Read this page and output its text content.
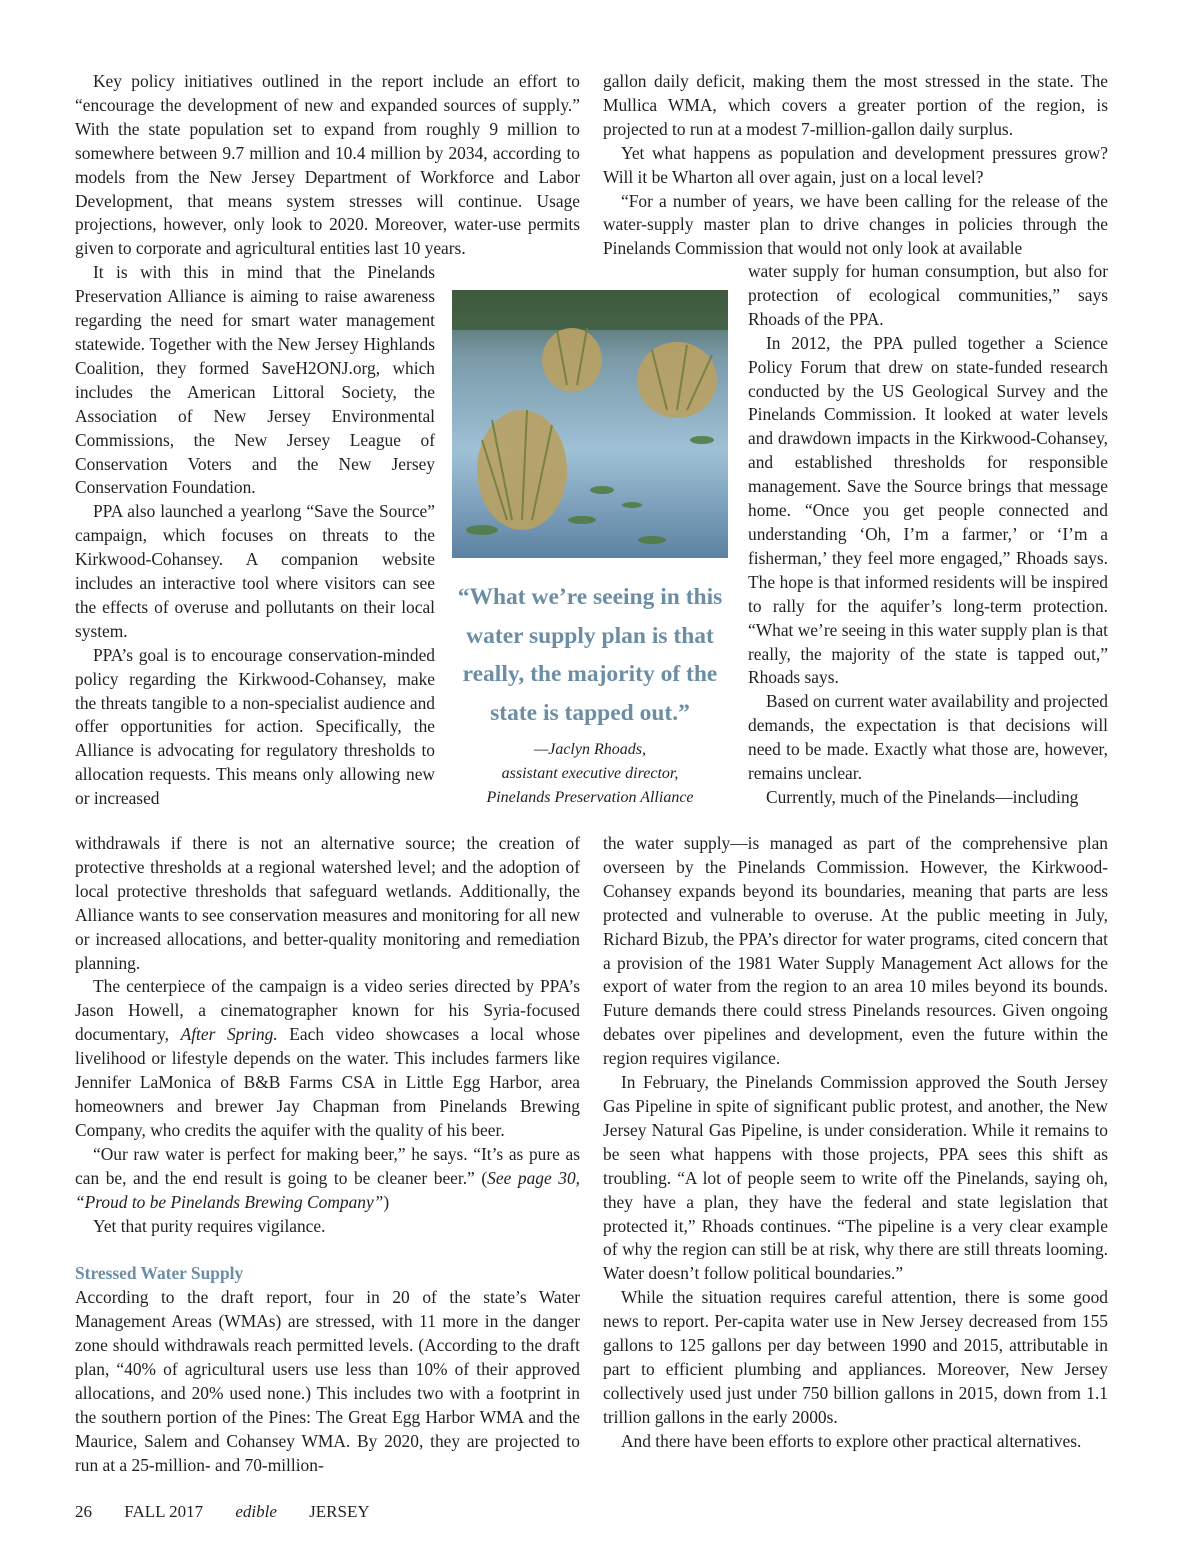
Key policy initiatives outlined in the report include an effort to “encourage the development of new and expanded sources of supply.” With the state population set to expand from roughly 9 million to somewhere between 9.7 million and 10.4 million by 2034, according to models from the New Jersey Department of Workforce and Labor Development, that means system stresses will continue. Usage projections, however, only look to 2020. Moreover, water-use permits given to corporate and agricultural entities last 10 years.

It is with this in mind that the Pinelands Preservation Alliance is aiming to raise awareness regarding the need for smart water management statewide. Together with the New Jersey Highlands Coalition, they formed SaveH2ONJ.org, which includes the American Littoral Society, the Association of New Jersey Environmental Commissions, the New Jersey League of Conservation Voters and the New Jersey Conservation Foundation.

PPA also launched a yearlong “Save the Source” campaign, which focuses on threats to the Kirkwood-Cohansey. A companion website includes an interactive tool where visitors can see the effects of overuse and pollutants on their local system.

PPA’s goal is to encourage conservation-minded policy regarding the Kirkwood-Cohansey, make the threats tangible to a non-specialist audience and offer opportunities for action. Specifically, the Alliance is advocating for regulatory thresholds to allocation requests. This means only allowing new or increased

withdrawals if there is not an alternative source; the creation of protective thresholds at a regional watershed level; and the adoption of local protective thresholds that safeguard wetlands. Additionally, the Alliance wants to see conservation measures and monitoring for all new or increased allocations, and better-quality monitoring and remediation planning.

The centerpiece of the campaign is a video series directed by PPA’s Jason Howell, a cinematographer known for his Syria-focused documentary, After Spring. Each video showcases a local whose livelihood or lifestyle depends on the water. This includes farmers like Jennifer LaMonica of B&B Farms CSA in Little Egg Harbor, area homeowners and brewer Jay Chapman from Pinelands Brewing Company, who credits the aquifer with the quality of his beer.

“Our raw water is perfect for making beer,” he says. “It’s as pure as can be, and the end result is going to be cleaner beer.” (See page 30, “Proud to be Pinelands Brewing Company”)

Yet that purity requires vigilance.

Stressed Water Supply

According to the draft report, four in 20 of the state’s Water Management Areas (WMAs) are stressed, with 11 more in the danger zone should withdrawals reach permitted levels. (According to the draft plan, “40% of agricultural users use less than 10% of their approved allocations, and 20% used none.) This includes two with a footprint in the southern portion of the Pines: The Great Egg Harbor WMA and the Maurice, Salem and Cohansey WMA. By 2020, they are projected to run at a 25-million- and 70-million-

gallon daily deficit, making them the most stressed in the state. The Mullica WMA, which covers a greater portion of the region, is projected to run at a modest 7-million-gallon daily surplus.

Yet what happens as population and development pressures grow? Will it be Wharton all over again, just on a local level?

“For a number of years, we have been calling for the release of the water-supply master plan to drive changes in policies through the Pinelands Commission that would not only look at available

water supply for human consumption, but also for protection of ecological communities,” says Rhoads of the PPA.

In 2012, the PPA pulled together a Science Policy Forum that drew on state-funded research conducted by the US Geological Survey and the Pinelands Commission. It looked at water levels and drawdown impacts in the Kirkwood-Cohansey, and established thresholds for responsible management. Save the Source brings that message home. “Once you get people connected and understanding ‘Oh, I’m a farmer,’ or ‘I’m a fisherman,’ they feel more engaged,” Rhoads says. The hope is that informed residents will be inspired to rally for the aquifer’s long-term protection. “What we’re seeing in this water supply plan is that really, the majority of the state is tapped out,” Rhoads says.

Based on current water availability and projected demands, the expectation is that decisions will need to be made. Exactly what those are, however, remains unclear.

Currently, much of the Pinelands—including

the water supply—is managed as part of the comprehensive plan overseen by the Pinelands Commission. However, the Kirkwood-Cohansey expands beyond its boundaries, meaning that parts are less protected and vulnerable to overuse. At the public meeting in July, Richard Bizub, the PPA’s director for water programs, cited concern that a provision of the 1981 Water Supply Management Act allows for the export of water from the region to an area 10 miles beyond its bounds. Future demands there could stress Pinelands resources. Given ongoing debates over pipelines and development, even the future within the region requires vigilance.

In February, the Pinelands Commission approved the South Jersey Gas Pipeline in spite of significant public protest, and another, the New Jersey Natural Gas Pipeline, is under consideration. While it remains to be seen what happens with those projects, PPA sees this shift as troubling. “A lot of people seem to write off the Pinelands, saying oh, they have a plan, they have the federal and state legislation that protected it,” Rhoads continues. “The pipeline is a very clear example of why the region can still be at risk, why there are still threats looming. Water doesn’t follow political boundaries.”

While the situation requires careful attention, there is some good news to report. Per-capita water use in New Jersey decreased from 155 gallons to 125 gallons per day between 1990 and 2015, attributable in part to efficient plumbing and appliances. Moreover, New Jersey collectively used just under 750 billion gallons in 2015, down from 1.1 trillion gallons in the early 2000s.

And there have been efforts to explore other practical alternatives.

“What we’re seeing in this water supply plan is that really, the majority of the state is tapped out.”

—Jaclyn Rhoads,
assistant executive director,
Pinelands Preservation Alliance
26 FALL 2017 edible JERSEY
